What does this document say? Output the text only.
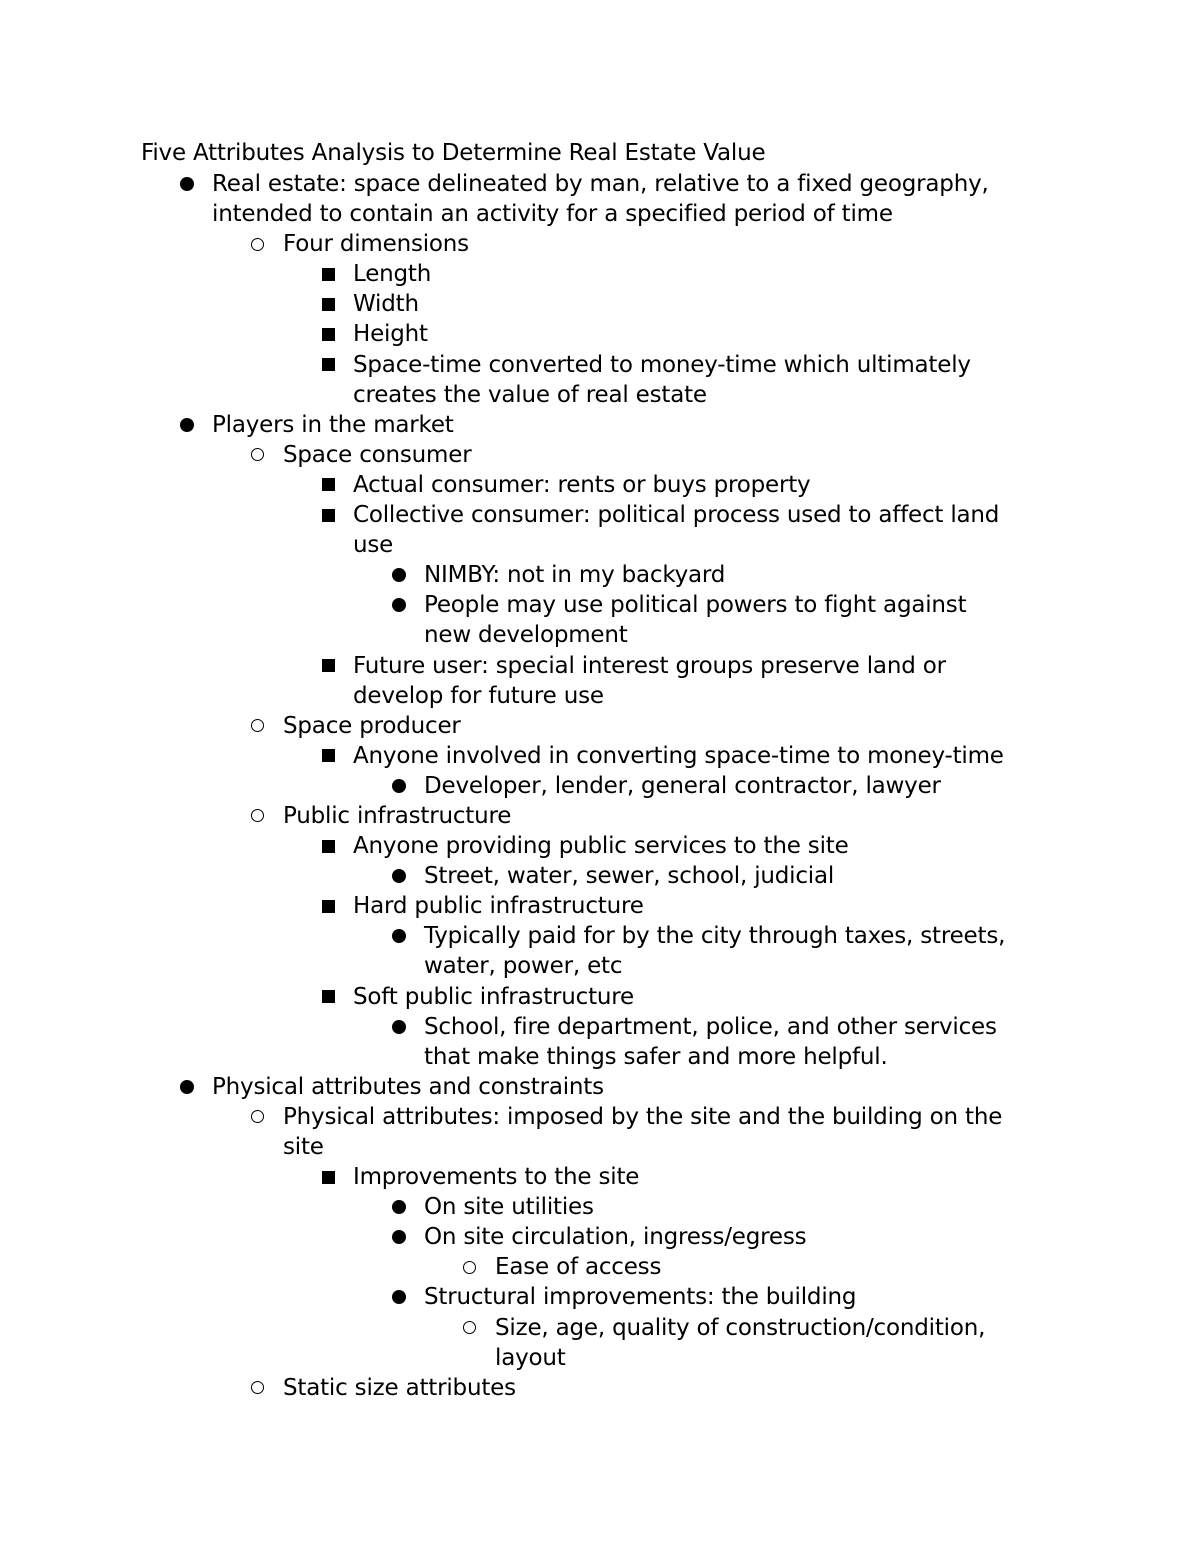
Five Attributes Analysis to Determine Real Estate Value
Real estate: space delineated by man, relative to a fixed geography,
intended to contain an activity for a specified period of time
Four dimensions
Length
Width
Height
Space-time converted to money-time which ultimately
creates the value of real estate
Players in the market
Space consumer
Actual consumer: rents or buys property
Collective consumer: political process used to affect land
use
NIMBY: not in my backyard
People may use political powers to fight against
new development
Future user: special interest groups preserve land or
develop for future use
Space producer
Anyone involved in converting space-time to money-time
Developer, lender, general contractor, lawyer
Public infrastructure
Anyone providing public services to the site
Street, water, sewer, school, judicial
Hard public infrastructure
Typically paid for by the city through taxes, streets,
water, power, etc
Soft public infrastructure
School, fire department, police, and other services
that make things safer and more helpful.
Physical attributes and constraints
Physical attributes: imposed by the site and the building on the
site
Improvements to the site
On site utilities
On site circulation, ingress/egress
Ease of access
Structural improvements: the building
Size, age, quality of construction/condition,
layout
Static size attributes
